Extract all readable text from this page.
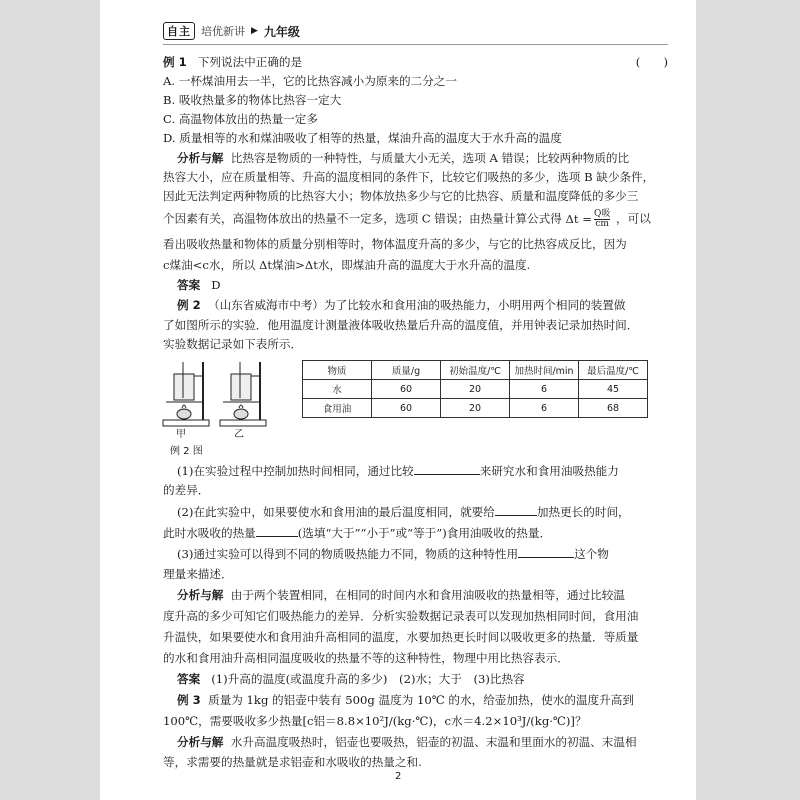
自主 培优新讲 ▶ 九年级
例 1 下列说法中正确的是	(　　)
A. 一杯煤油用去一半，它的比热容减小为原来的二分之一
B. 吸收热量多的物体比热容一定大
C. 高温物体放出的热量一定多
D. 质量相等的水和煤油吸收了相等的热量，煤油升高的温度大于水升高的温度
分析与解 比热容是物质的一种特性，与质量大小无关，选项 A 错误；比较两种物质的比
热容大小，应在质量相等、升高的温度相同的条件下，比较它们吸热的多少，选项 B 缺少条件，
因此无法判定两种物质的比热容大小；物体放热多少与它的比热容、质量和温度降低的多少三
个因素有关，高温物体放出的热量不一定多，选项 C 错误；由热量计算公式得 $\Delta t = \frac{\text{Q吸}}{cm}$ ，可以
看出吸收热量和物体的质量分别相等时，物体温度升高的多少，与它的比热容成反比，因为
c煤油<c水，所以 Δt煤油>Δt水，即煤油升高的温度大于水升高的温度.
答案 D
例 2 （山东省威海市中考）为了比较水和食用油的吸热能力，小明用两个相同的装置做
了如图所示的实验．他用温度计测量液体吸收热量后升高的温度值，并用钟表记录加热时间．
实验数据记录如下表所示．
甲	乙
例 2 图
物质	质量/g	初始温度/℃	加热时间/min	最后温度/℃
水	60	20	6	45
食用油	60	20	6	68
(1)在实验过程中控制加热时间相同，通过比较	来研究水和食用油吸热能力
的差异．
(2)在此实验中，如果要使水和食用油的最后温度相同，就要给	加热更长的时间，
此时水吸收的热量	(选填“大于”“小于”或“等于”)食用油吸收的热量．
(3)通过实验可以得到不同的物质吸热能力不同，物质的这种特性用	这个物
理量来描述．
分析与解 由于两个装置相同，在相同的时间内水和食用油吸收的热量相等，通过比较温
度升高的多少可知它们吸热能力的差异．分析实验数据记录表可以发现加热相同时间，食用油
升温快，如果要使水和食用油升高相同的温度，水要加热更长时间以吸收更多的热量．等质量
的水和食用油升高相同温度吸收的热量不等的这种特性，物理中用比热容表示．
答案 (1)升高的温度(或温度升高的多少)　(2)水；大于　(3)比热容
例 3 质量为 1kg 的铝壶中装有 500g 温度为 10℃ 的水，给壶加热，使水的温度升高到
100℃，需要吸收多少热量[c铝＝8.8×10²J/(kg·℃)，c水＝4.2×10³J/(kg·℃)]？
分析与解 水升高温度吸热时，铝壶也要吸热，铝壶的初温、末温和里面水的初温、末温相
等，求需要的热量就是求铝壶和水吸收的热量之和.
2
